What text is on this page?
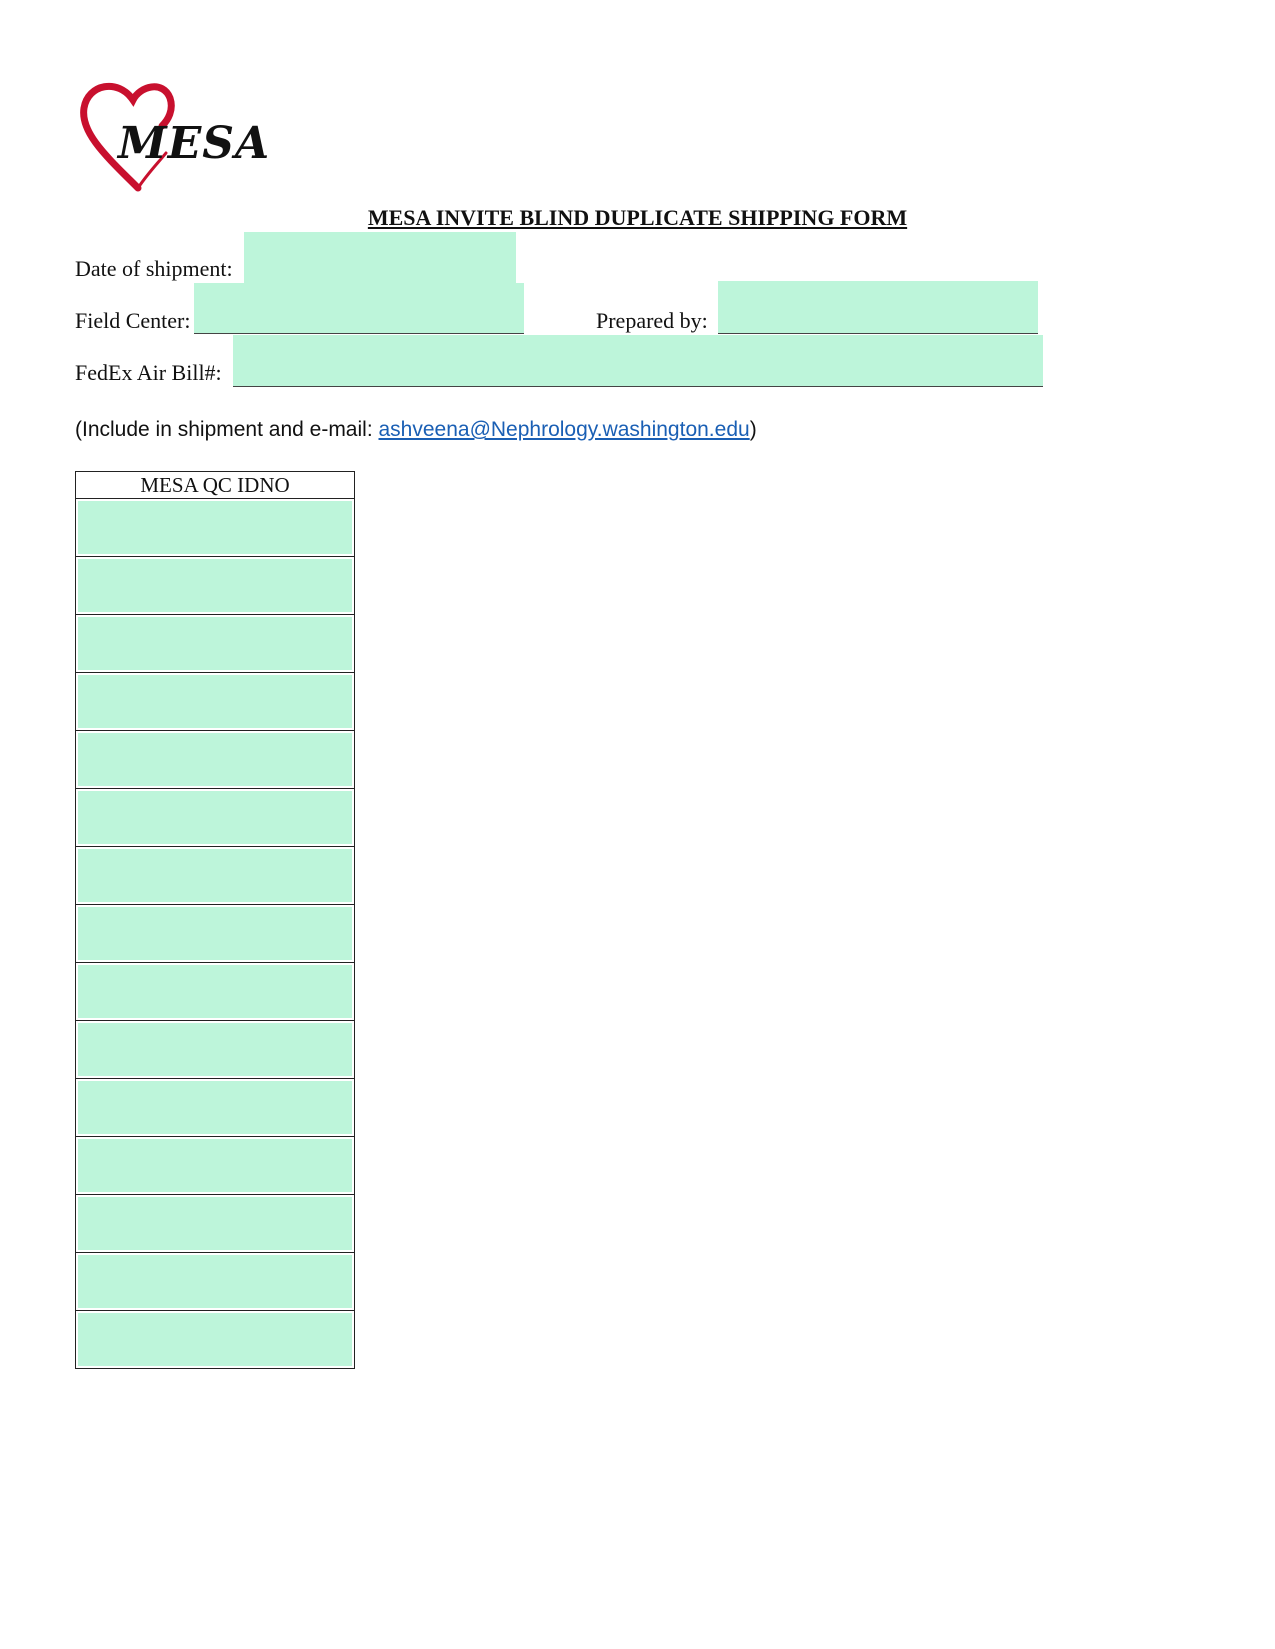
MESA
MESA INVITE BLIND DUPLICATE SHIPPING FORM
Date of shipment:
Field Center:	Prepared by:
FedEx Air Bill#:
(Include in shipment and e-mail: ashveena@Nephrology.washington.edu)
MESA QC IDNO
